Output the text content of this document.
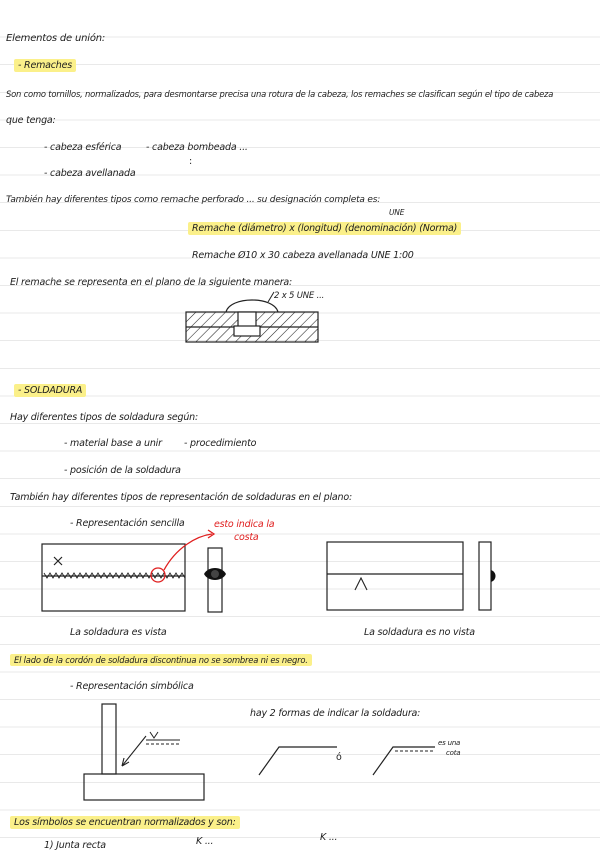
Elementos de unión:
- Remaches
Son como tornillos, normalizados, para desmontarse precisa una rotura de la cabeza, los remaches se clasifican según el tipo de cabeza
que tenga:
- cabeza esférica	- cabeza bombeada ...
:
- cabeza avellanada
También hay diferentes tipos como remache perforado ... su designación completa es:
Remache (diámetro) x (longitud) (denominación) (Norma)
UNE
Remache Ø10 x 30 cabeza avellanada UNE 1:00
El remache se representa en el plano de la siguiente manera:
2 x 5 UNE ...
- SOLDADURA
Hay diferentes tipos de soldadura según:
- material base a unir - procedimiento
- posición de la soldadura
También hay diferentes tipos de representación de soldaduras en el plano:
- Representación sencilla	esto indica la
costa
La soldadura es vista	La soldadura es no vista
El lado de la cordón de soldadura discontinua no se sombrea ni es negro.
- Representación simbólica
hay 2 formas de indicar la soldadura:
ó
es una
cota
Los símbolos se encuentran normalizados y son:
1) Junta recta	K ...	K ...
